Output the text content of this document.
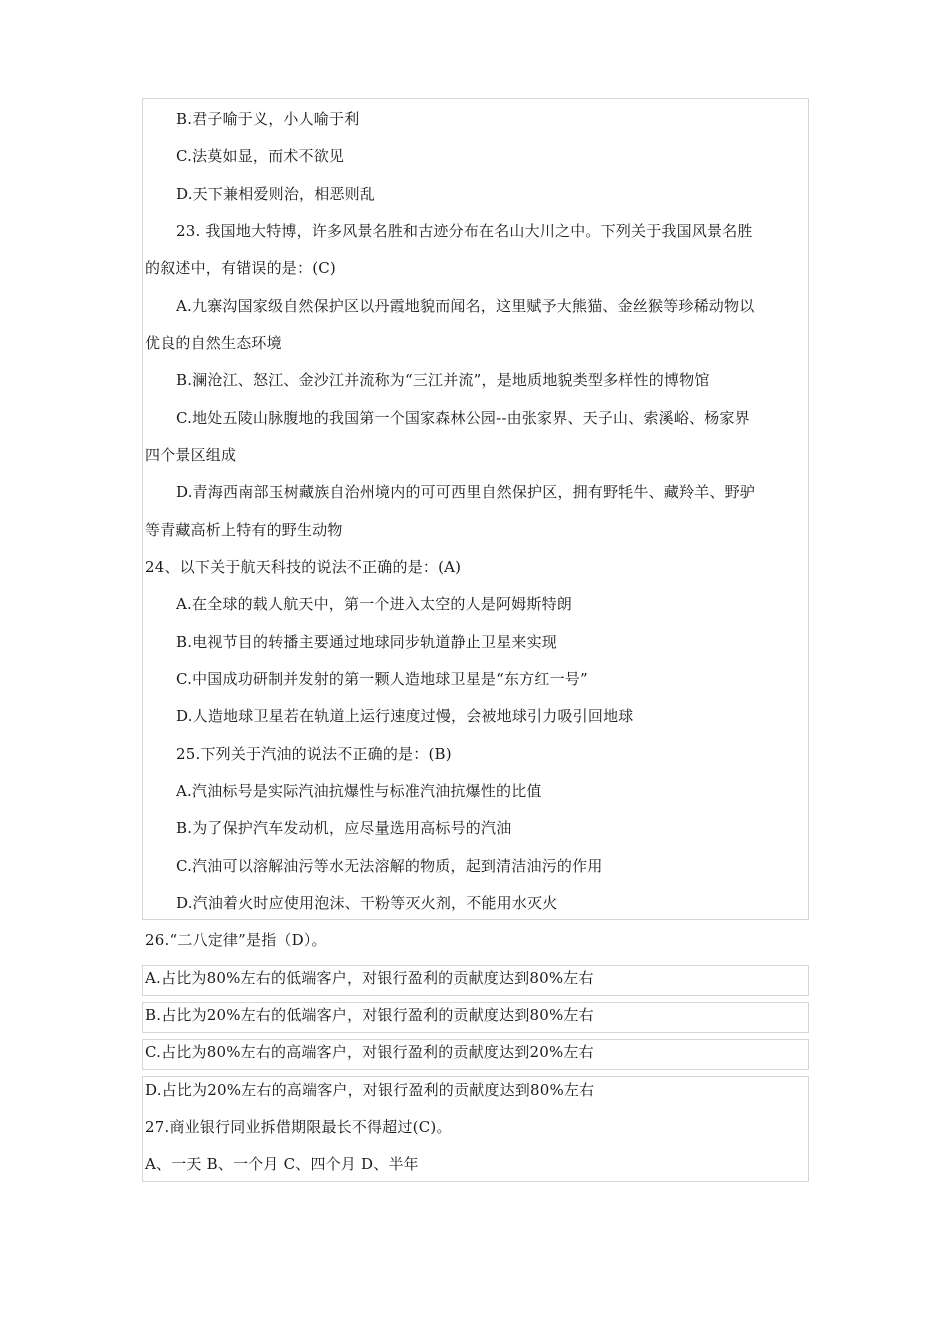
B.君子喻于义，小人喻于利
C.法莫如显，而术不欲见
D.天下兼相爱则治，相恶则乱
23. 我国地大特博，许多风景名胜和古迹分布在名山大川之中。下列关于我国风景名胜
的叙述中，有错误的是：(C)
A.九寨沟国家级自然保护区以丹霞地貌而闻名，这里赋予大熊猫、金丝猴等珍稀动物以
优良的自然生态环境
B.澜沧江、怒江、金沙江并流称为“三江并流”，是地质地貌类型多样性的博物馆
C.地处五陵山脉腹地的我国第一个国家森林公园--由张家界、天子山、索溪峪、杨家界
四个景区组成
D.青海西南部玉树藏族自治州境内的可可西里自然保护区，拥有野牦牛、藏羚羊、野驴
等青藏高析上特有的野生动物
24、以下关于航天科技的说法不正确的是：(A)
A.在全球的载人航天中，第一个进入太空的人是阿姆斯特朗
B.电视节目的转播主要通过地球同步轨道静止卫星来实现
C.中国成功研制并发射的第一颗人造地球卫星是“东方红一号”
D.人造地球卫星若在轨道上运行速度过慢，会被地球引力吸引回地球
25.下列关于汽油的说法不正确的是：(B)
A.汽油标号是实际汽油抗爆性与标准汽油抗爆性的比值
B.为了保护汽车发动机，应尽量选用高标号的汽油
C.汽油可以溶解油污等水无法溶解的物质，起到清洁油污的作用
D.汽油着火时应使用泡沫、干粉等灭火剂，不能用水灭火
26.“二八定律”是指（D）。
A.占比为80%左右的低端客户，对银行盈利的贡献度达到80%左右
B.占比为20%左右的低端客户，对银行盈利的贡献度达到80%左右
C.占比为80%左右的高端客户，对银行盈利的贡献度达到20%左右
D.占比为20%左右的高端客户，对银行盈利的贡献度达到80%左右
27.商业银行同业拆借期限最长不得超过(C)。
A、一天 B、一个月 C、四个月 D、半年
